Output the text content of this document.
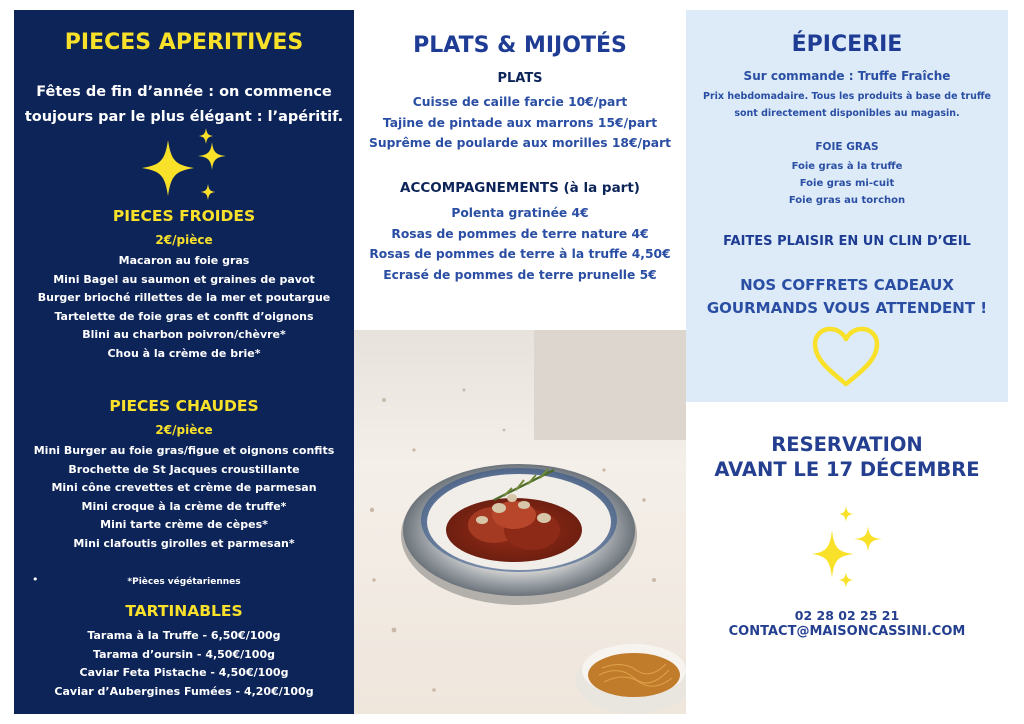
PIECES APERITIVES
Fêtes de fin d’année : on commence
toujours par le plus élégant : l’apéritif.
PIECES FROIDES
2€/pièce
Macaron au foie gras
Mini Bagel au saumon et graines de pavot
Burger brioché rillettes de la mer et poutargue
Tartelette de foie gras et confit d’oignons
Blini au charbon poivron/chèvre*
Chou à la crème de brie*
PIECES CHAUDES
2€/pièce
Mini Burger au foie gras/figue et oignons confits
Brochette de St Jacques croustillante
Mini cône crevettes et crème de parmesan
Mini croque à la crème de truffe*
Mini tarte crème de cèpes*
Mini clafoutis girolles et parmesan*
•	*Pièces végétariennes
TARTINABLES
Tarama à la Truffe - 6,50€/100g
Tarama d’oursin - 4,50€/100g
Caviar Feta Pistache - 4,50€/100g
Caviar d’Aubergines Fumées - 4,20€/100g
PLATS & MIJOTÉS
PLATS
Cuisse de caille farcie 10€/part
Tajine de pintade aux marrons 15€/part
Suprême de poularde aux morilles 18€/part
ACCOMPAGNEMENTS (à la part)
Polenta gratinée 4€
Rosas de pommes de terre nature 4€
Rosas de pommes de terre à la truffe 4,50€
Ecrasé de pommes de terre prunelle 5€
ÉPICERIE
Sur commande : Truffe Fraîche
Prix hebdomadaire. Tous les produits à base de truffe
sont directement disponibles au magasin.
FOIE GRAS
Foie gras à la truffe
Foie gras mi-cuit
Foie gras au torchon
FAITES PLAISIR EN UN CLIN D’ŒIL
NOS COFFRETS CADEAUX
GOURMANDS VOUS ATTENDENT !
RESERVATION
AVANT LE 17 DÉCEMBRE
02 28 02 25 21
CONTACT@MAISONCASSINI.COM
